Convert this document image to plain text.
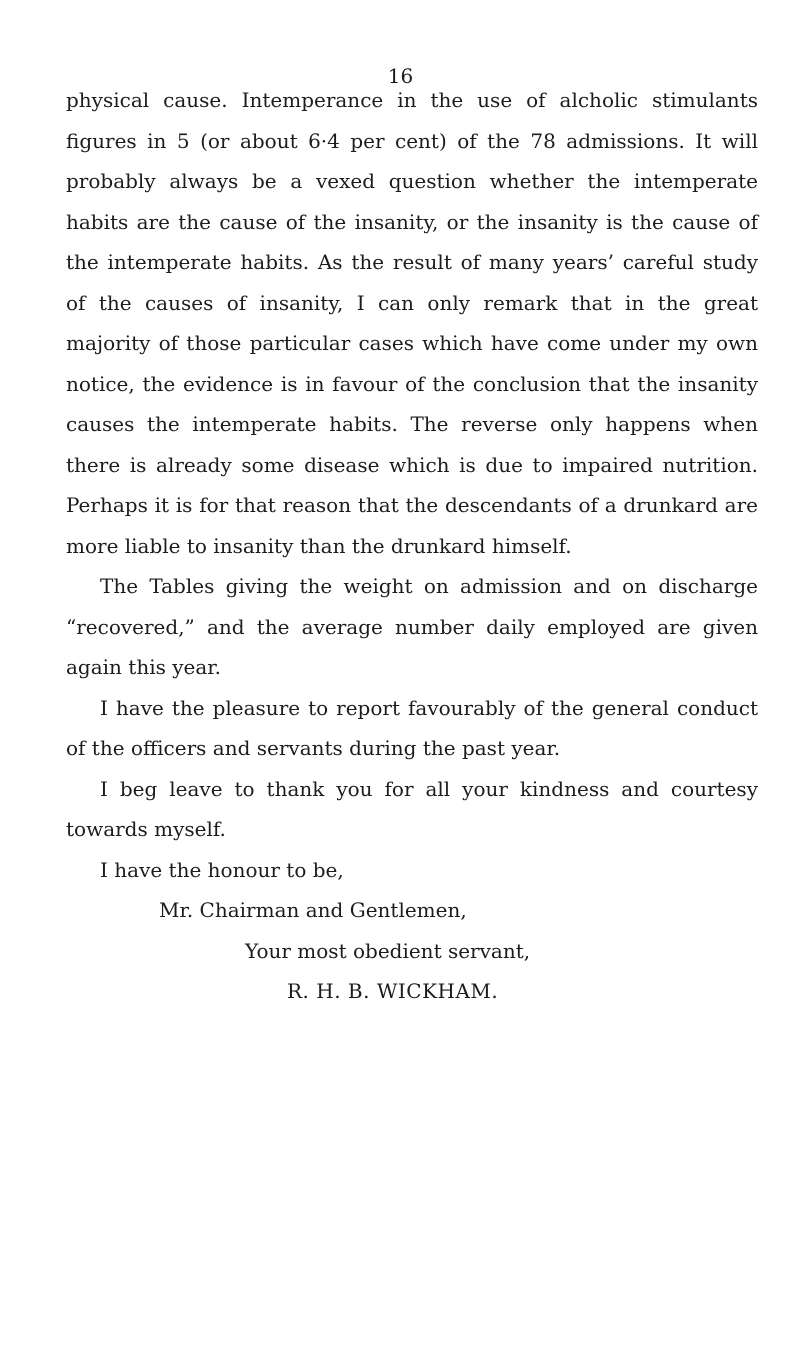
16

physical cause. Intemperance in the use of alcholic stimulants figures in 5 (or about 6·4 per cent) of the 78 admissions. It will probably always be a vexed question whether the intemperate habits are the cause of the insanity, or the insanity is the cause of the intemperate habits. As the result of many years’ careful study of the causes of insanity, I can only remark that in the great majority of those particular cases which have come under my own notice, the evidence is in favour of the conclusion that the insanity causes the intemperate habits. The reverse only happens when there is already some disease which is due to impaired nutrition. Perhaps it is for that reason that the descendants of a drunkard are more liable to insanity than the drunkard himself.

The Tables giving the weight on admission and on discharge “recovered,” and the average number daily employed are given again this year.

I have the pleasure to report favourably of the general conduct of the officers and servants during the past year.

I beg leave to thank you for all your kindness and courtesy towards myself.

I have the honour to be,

Mr. Chairman and Gentlemen,

Your most obedient servant,

R. H. B. WICKHAM.
